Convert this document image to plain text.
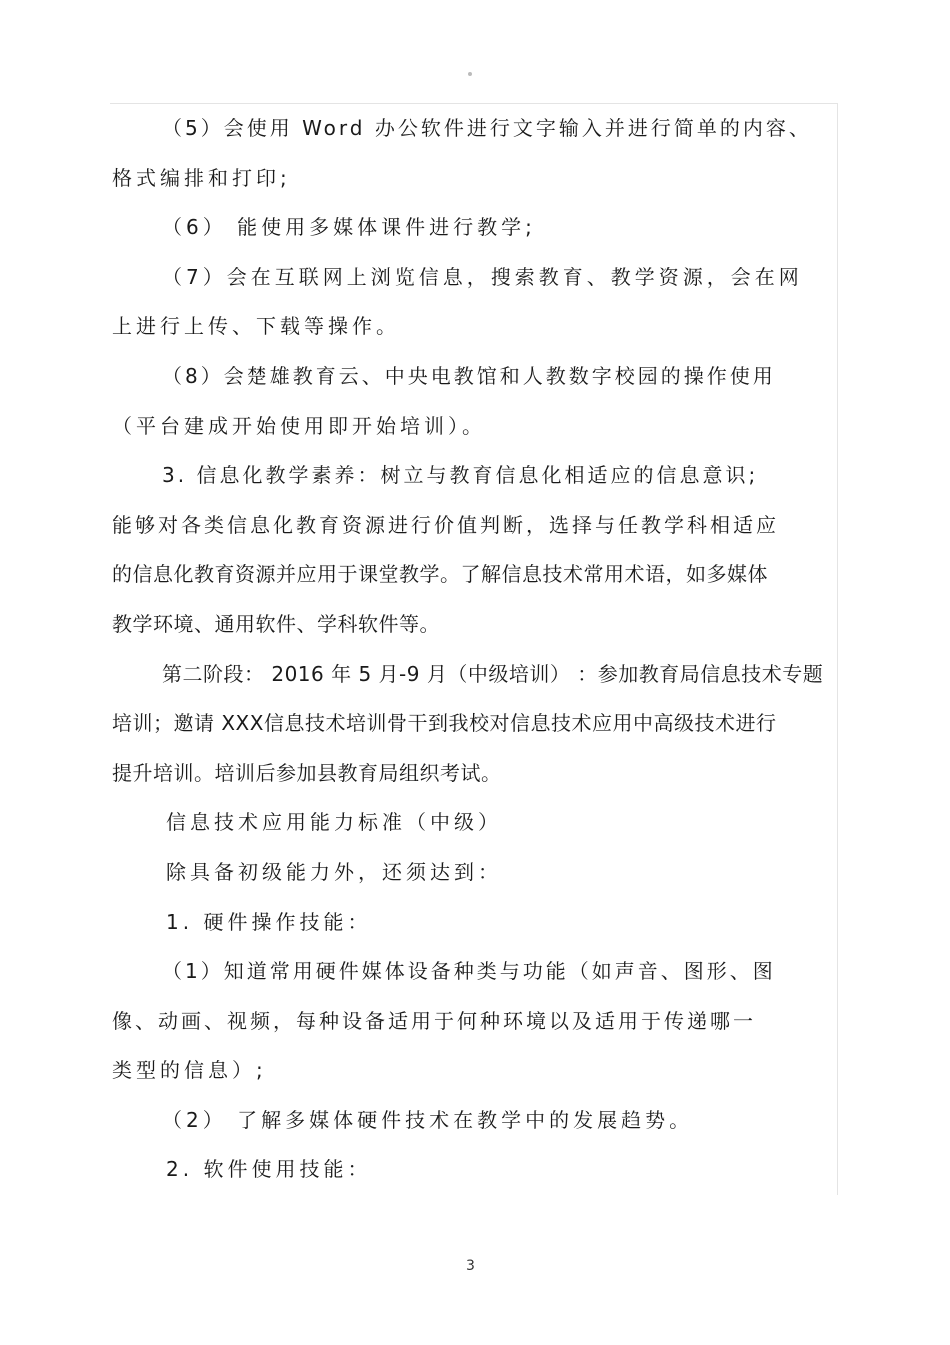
（5）会使用 Word 办公软件进行文字输入并进行简单的内容、

格式编排和打印;

（6） 能使用多媒体课件进行教学;

（7）会在互联网上浏览信息，搜索教育、教学资源，会在网

上进行上传、下载等操作。

（8）会楚雄教育云、中央电教馆和人教数字校园的操作使用

（平台建成开始使用即开始培训）。

3. 信息化教学素养：树立与教育信息化相适应的信息意识;

能够对各类信息化教育资源进行价值判断，选择与任教学科相适应

的信息化教育资源并应用于课堂教学。了解信息技术常用术语，如多媒体

教学环境、通用软件、学科软件等。

第二阶段： 2016 年 5 月-9 月（中级培训） ：参加教育局信息技术专题

培训；邀请 XXX信息技术培训骨干到我校对信息技术应用中高级技术进行

提升培训。培训后参加县教育局组织考试。

信息技术应用能力标准（中级）

除具备初级能力外，还须达到：

1. 硬件操作技能：

（1）知道常用硬件媒体设备种类与功能（如声音、图形、图

像、动画、视频，每种设备适用于何种环境以及适用于传递哪一

类型的信息）;

（2） 了解多媒体硬件技术在教学中的发展趋势。

2. 软件使用技能：

3
